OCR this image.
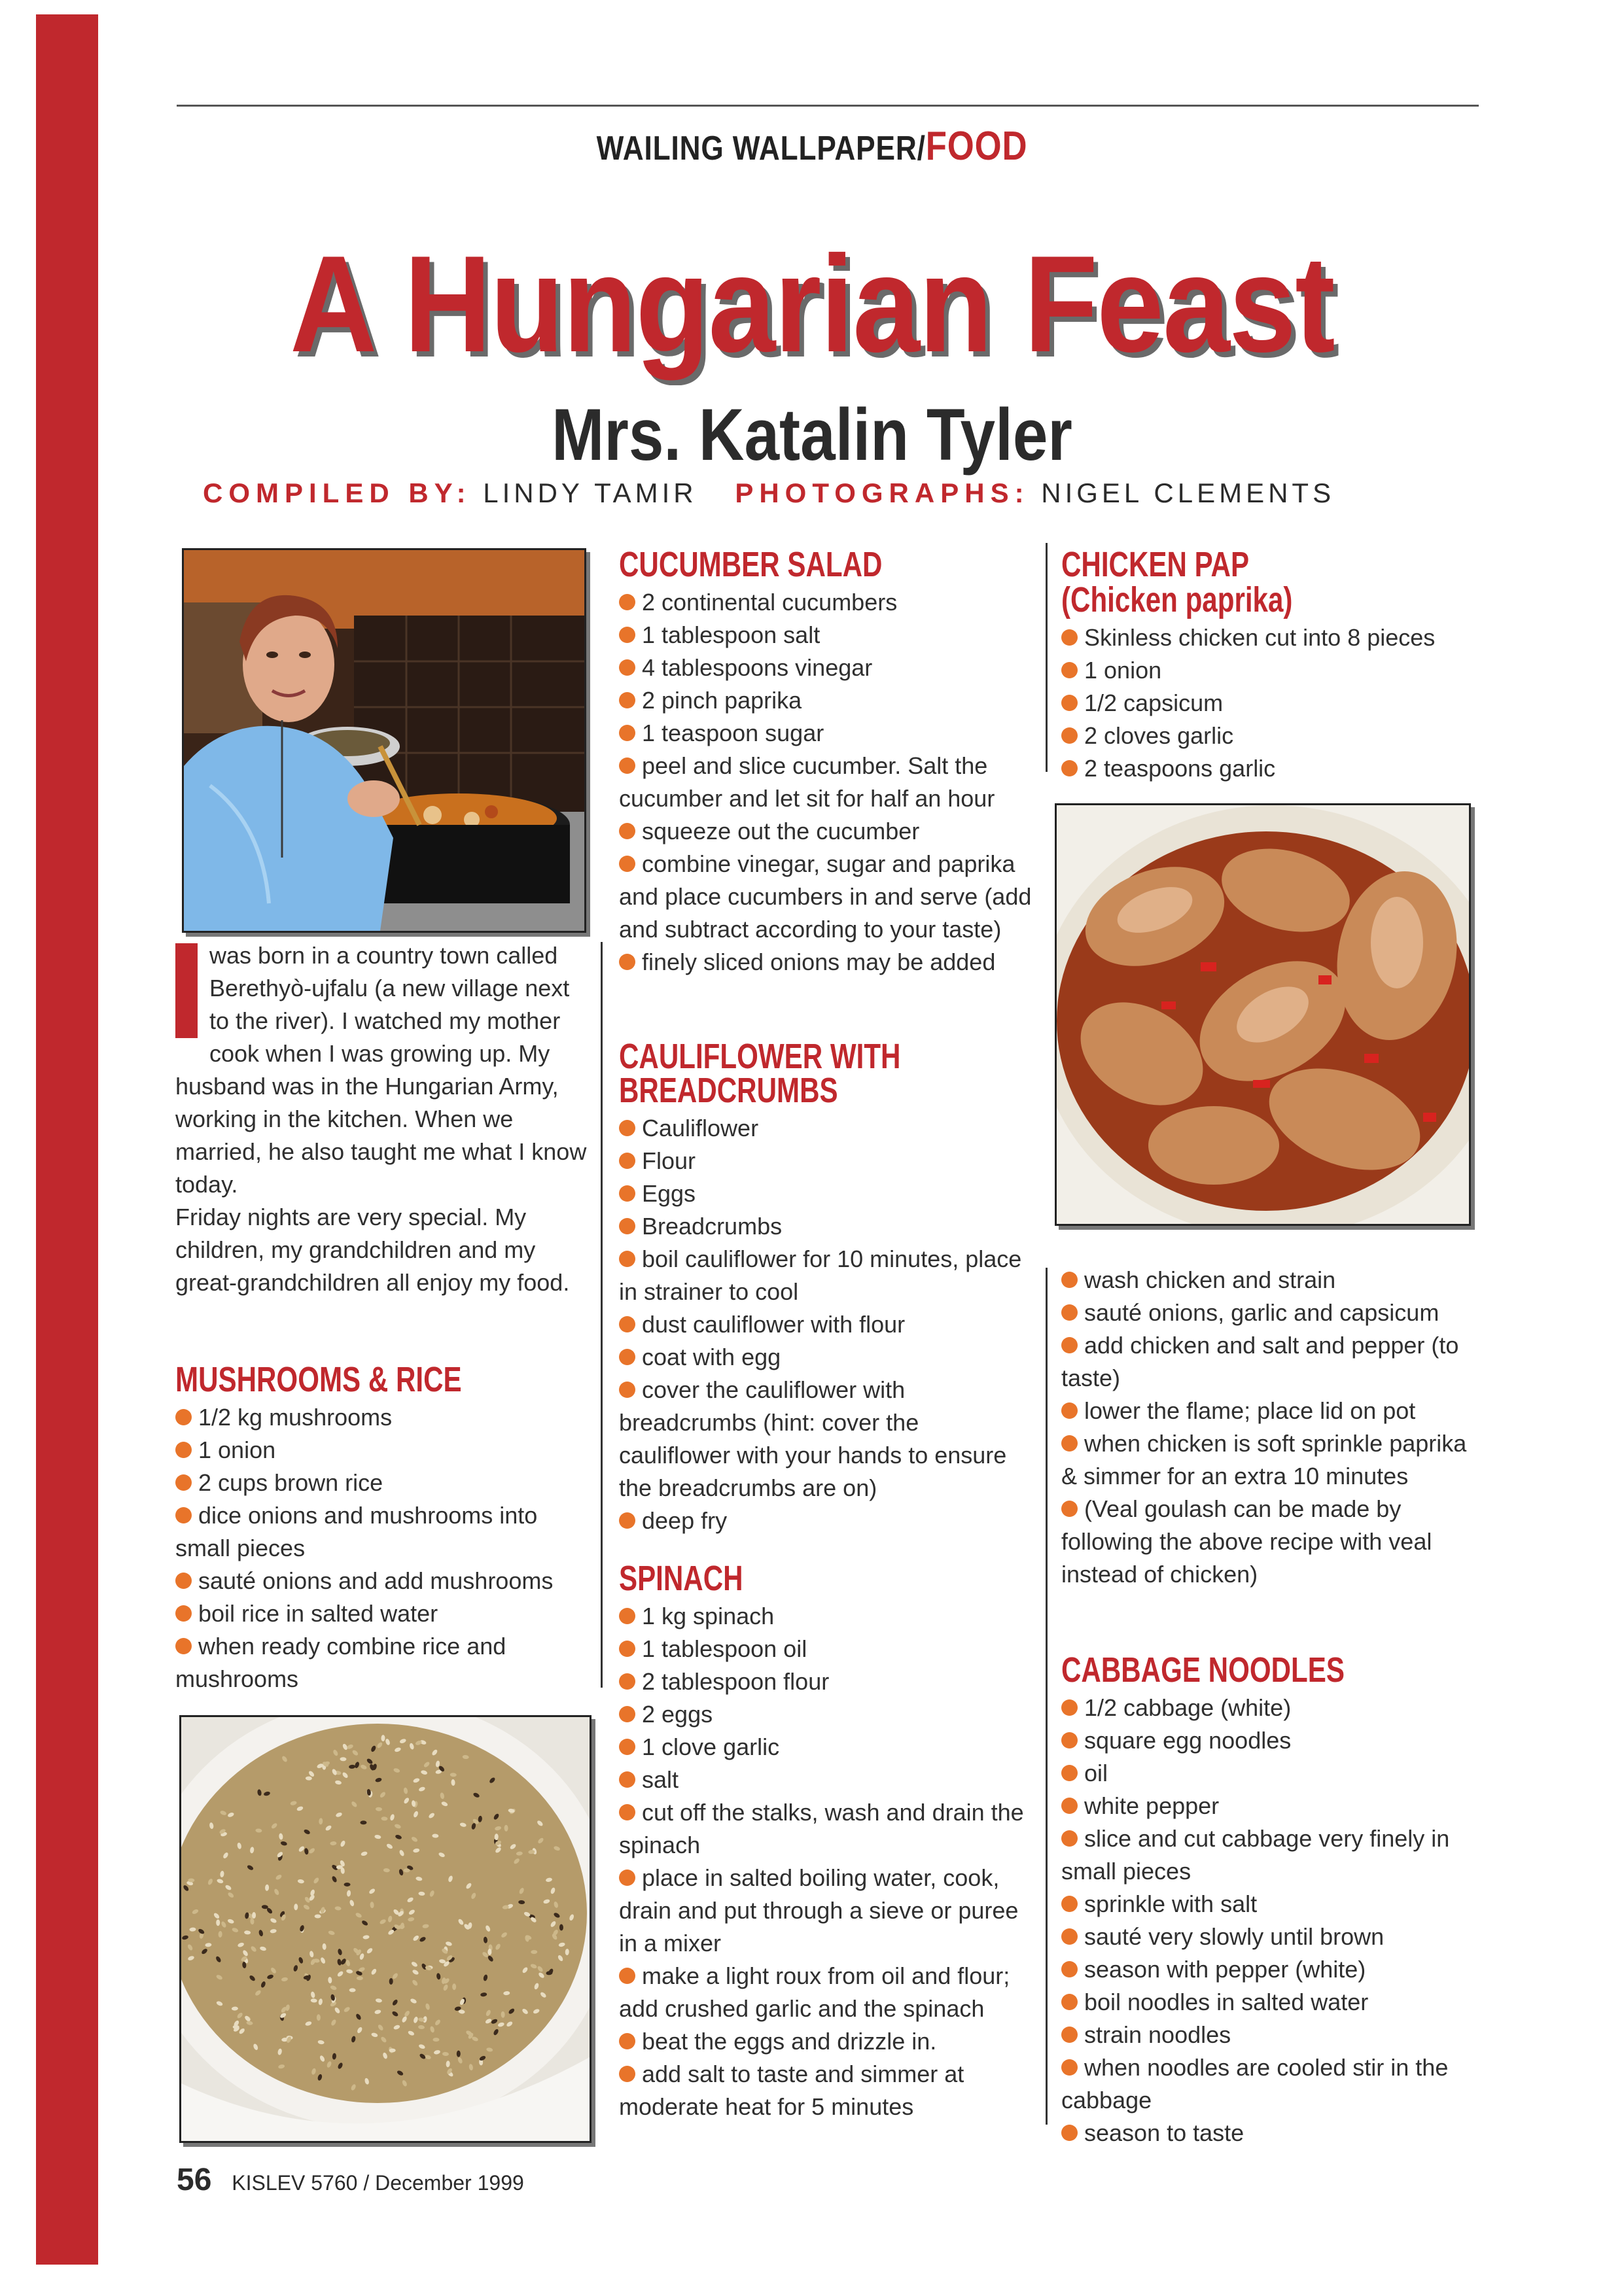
WAILING WALLPAPER/FOOD
A Hungarian Feast
Mrs. Katalin Tyler
COMPILED BY: LINDY TAMIR PHOTOGRAPHS: NIGEL CLEMENTS

was born in a country town called Berethyò-ujfalu (a new village next to the river). I watched my mother cook when I was growing up. My husband was in the Hungarian Army, working in the kitchen. When we married, he also taught me what I know today.

Friday nights are very special. My children, my grandchildren and my great-grandchildren all enjoy my food.

MUSHROOMS & RICE

1/2 kg mushrooms

1 onion

2 cups brown rice

dice onions and mushrooms into small pieces

sauté onions and add mushrooms

boil rice in salted water

when ready combine rice and mushrooms

CUCUMBER SALAD

2 continental cucumbers

1 tablespoon salt

4 tablespoons vinegar

2 pinch paprika

1 teaspoon sugar

peel and slice cucumber. Salt the cucumber and let sit for half an hour

squeeze out the cucumber

combine vinegar, sugar and paprika and place cucumbers in and serve (add and subtract according to your taste)

finely sliced onions may be added

CAULIFLOWER WITH
BREADCRUMBS

Cauliflower

Flour

Eggs

Breadcrumbs

boil cauliflower for 10 minutes, place in strainer to cool

dust cauliflower with flour

coat with egg

cover the cauliflower with breadcrumbs (hint: cover the cauliflower with your hands to ensure the breadcrumbs are on)

deep fry

SPINACH

1 kg spinach

1 tablespoon oil

2 tablespoon flour

2 eggs

1 clove garlic

salt

cut off the stalks, wash and drain the spinach

place in salted boiling water, cook, drain and put through a sieve or puree in a mixer

make a light roux from oil and flour; add crushed garlic and the spinach

beat the eggs and drizzle in.

add salt to taste and simmer at moderate heat for 5 minutes

CHICKEN PAP
(Chicken paprika)

Skinless chicken cut into 8 pieces

1 onion

1/2 capsicum

2 cloves garlic

2 teaspoons garlic

wash chicken and strain

sauté onions, garlic and capsicum

add chicken and salt and pepper (to taste)

lower the flame; place lid on pot

when chicken is soft sprinkle paprika & simmer for an extra 10 minutes

(Veal goulash can be made by following the above recipe with veal instead of chicken)

CABBAGE NOODLES

1/2 cabbage (white)

square egg noodles

oil

white pepper

slice and cut cabbage very finely in small pieces

sprinkle with salt

sauté very slowly until brown

season with pepper (white)

boil noodles in salted water

strain noodles

when noodles are cooled stir in the cabbage

season to taste

56 KISLEV 5760 / December 1999
